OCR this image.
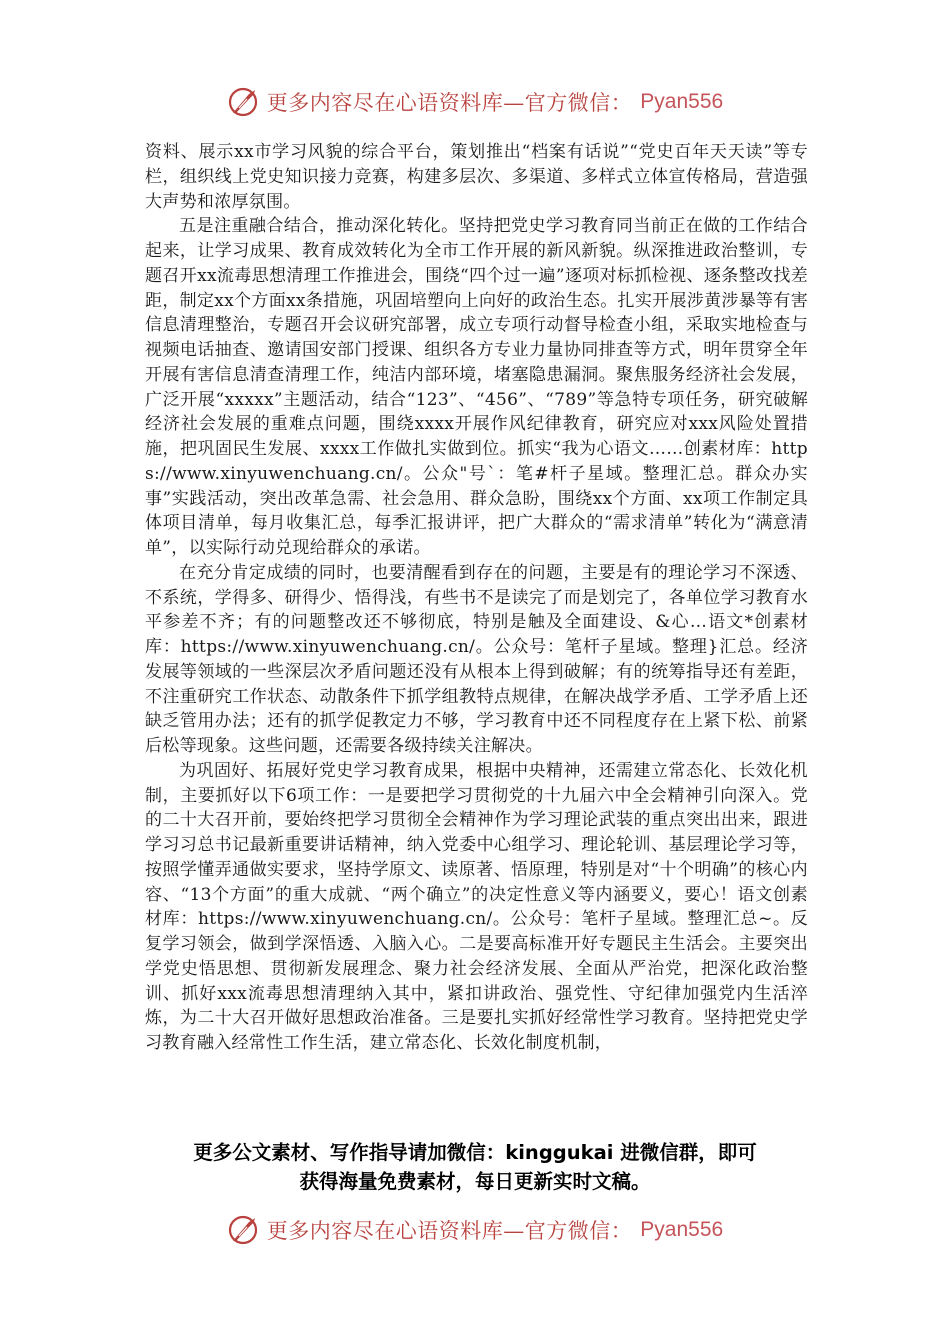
更多内容尽在心语资料库—官方微信： Pyan556

资料、展示xx市学习风貌的综合平台，策划推出“档案有话说”“党史百年天天读”等专栏，组织线上党史知识接力竞赛，构建多层次、多渠道、多样式立体宣传格局，营造强大声势和浓厚氛围。

五是注重融合结合，推动深化转化。坚持把党史学习教育同当前正在做的工作结合起来，让学习成果、教育成效转化为全市工作开展的新风新貌。纵深推进政治整训，专题召开xx流毒思想清理工作推进会，围绕“四个过一遍”逐项对标抓检视、逐条整改找差距，制定xx个方面xx条措施，巩固培塑向上向好的政治生态。扎实开展涉黄涉暴等有害信息清理整治，专题召开会议研究部署，成立专项行动督导检查小组，采取实地检查与视频电话抽查、邀请国安部门授课、组织各方专业力量协同排查等方式，明年贯穿全年开展有害信息清查清理工作，纯洁内部环境，堵塞隐患漏洞。聚焦服务经济社会发展，广泛开展“xxxxx”主题活动，结合“123”、“456”、“789”等急特专项任务，研究破解经济社会发展的重难点问题，围绕xxxx开展作风纪律教育，研究应对xxx风险处置措施，把巩固民生发展、xxxx工作做扎实做到位。抓实“我为心语文……创素材库：https://www.xinyuwenchuang.cn/。公众"号`：笔#杆子星域。整理汇总。群众办实事”实践活动，突出改革急需、社会急用、群众急盼，围绕xx个方面、xx项工作制定具体项目清单，每月收集汇总，每季汇报讲评，把广大群众的“需求清单”转化为“满意清单”，以实际行动兑现给群众的承诺。

在充分肯定成绩的同时，也要清醒看到存在的问题，主要是有的理论学习不深透、不系统，学得多、研得少、悟得浅，有些书不是读完了而是划完了，各单位学习教育水平参差不齐；有的问题整改还不够彻底，特别是触及全面建设、&心…语文*创素材库：https://www.xinyuwenchuang.cn/。公众号：笔杆子星域。整理}汇总。经济发展等领域的一些深层次矛盾问题还没有从根本上得到破解；有的统筹指导还有差距，不注重研究工作状态、动散条件下抓学组教特点规律，在解决战学矛盾、工学矛盾上还缺乏管用办法；还有的抓学促教定力不够，学习教育中还不同程度存在上紧下松、前紧后松等现象。这些问题，还需要各级持续关注解决。

为巩固好、拓展好党史学习教育成果，根据中央精神，还需建立常态化、长效化机制，主要抓好以下6项工作：一是要把学习贯彻党的十九届六中全会精神引向深入。党的二十大召开前，要始终把学习贯彻全会精神作为学习理论武装的重点突出出来，跟进学习习总书记最新重要讲话精神，纳入党委中心组学习、理论轮训、基层理论学习等，按照学懂弄通做实要求，坚持学原文、读原著、悟原理，特别是对“十个明确”的核心内容、“13个方面”的重大成就、“两个确立”的决定性意义等内涵要义，要心！语文创素材库：https://www.xinyuwenchuang.cn/。公众号：笔杆子星域。整理汇总~。反复学习领会，做到学深悟透、入脑入心。二是要高标准开好专题民主生活会。主要突出学党史悟思想、贯彻新发展理念、聚力社会经济发展、全面从严治党，把深化政治整训、抓好xxx流毒思想清理纳入其中，紧扣讲政治、强党性、守纪律加强党内生活淬炼，为二十大召开做好思想政治准备。三是要扎实抓好经常性学习教育。坚持把党史学习教育融入经常性工作生活，建立常态化、长效化制度机制，

更多公文素材、写作指导请加微信：kinggukai 进微信群，即可
获得海量免费素材，每日更新实时文稿。
更多内容尽在心语资料库—官方微信： Pyan556
